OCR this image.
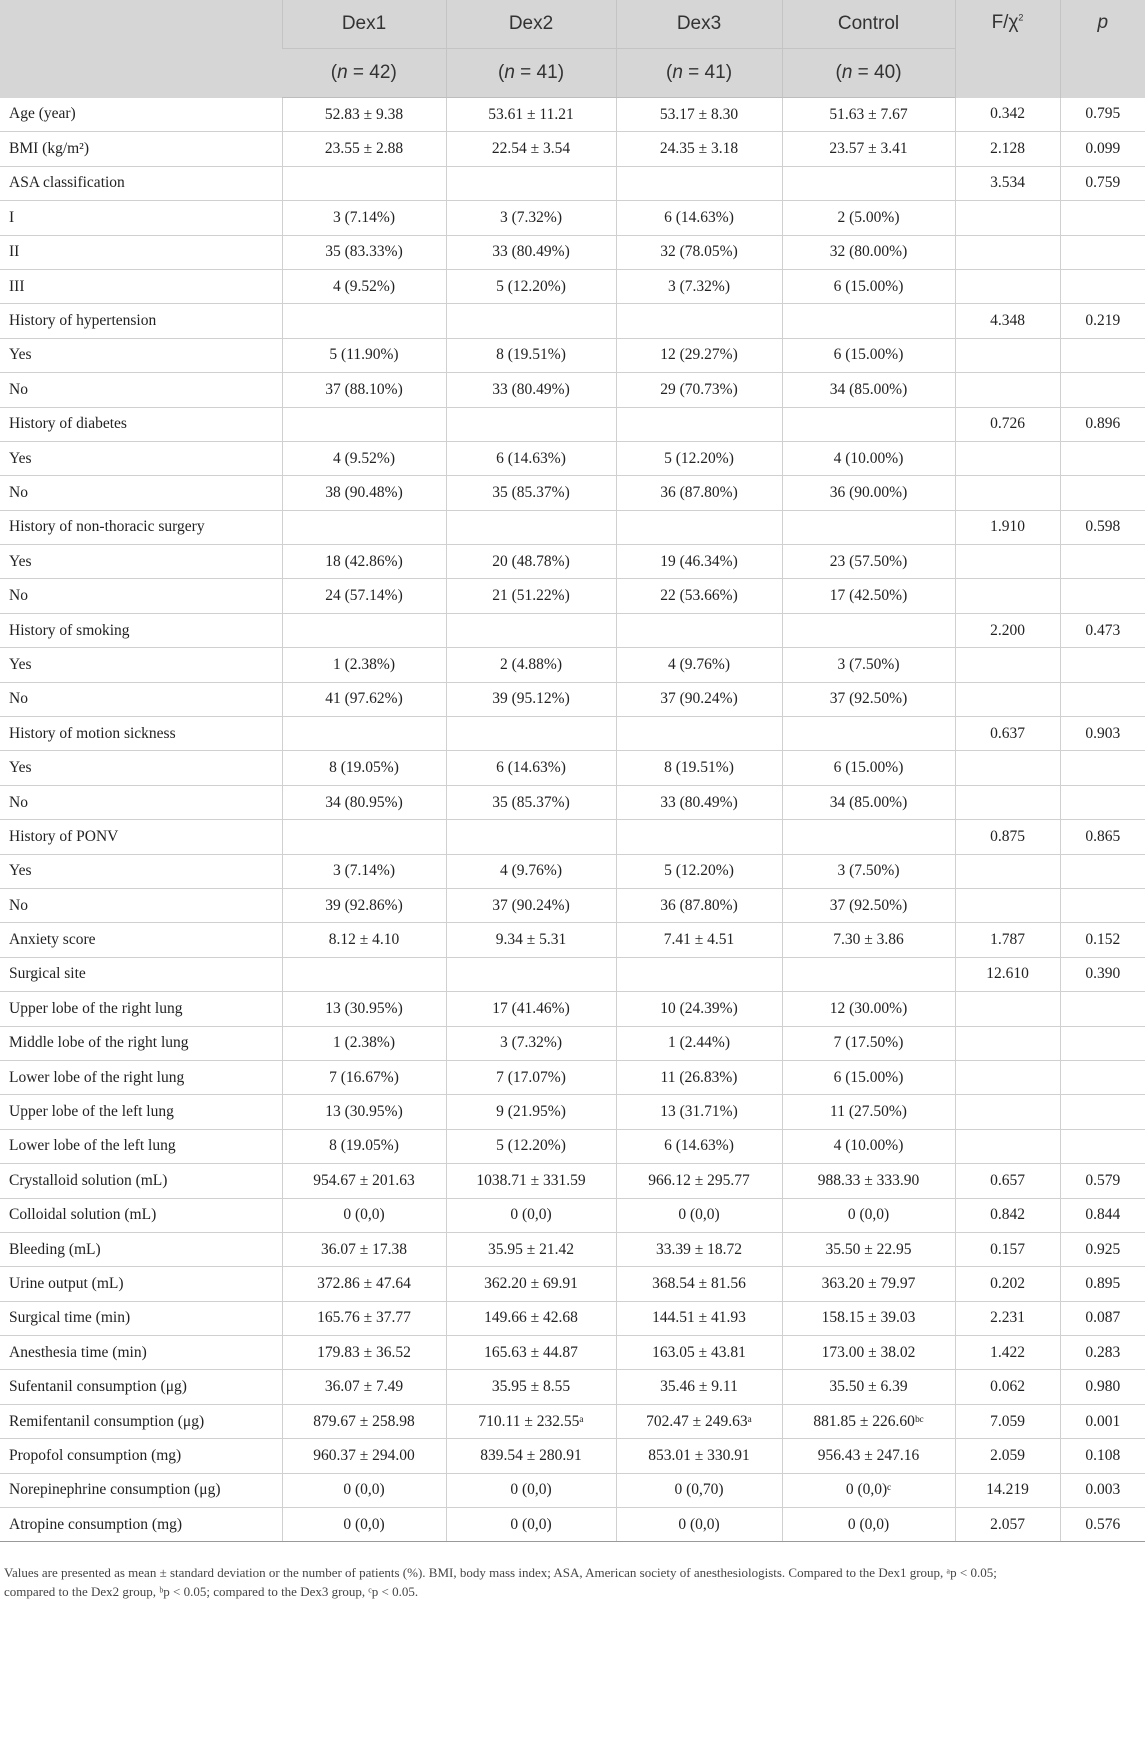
	Dex1	Dex2	Dex3	Control	$F/\chi^2$	p
	(n = 42)	(n = 41)	(n = 41)	(n = 40)		
Age (year)	52.83 ± 9.38	53.61 ± 11.21	53.17 ± 8.30	51.63 ± 7.67	0.342	0.795
BMI (kg/m²)	23.55 ± 2.88	22.54 ± 3.54	24.35 ± 3.18	23.57 ± 3.41	2.128	0.099
ASA classification					3.534	0.759
I	3 (7.14%)	3 (7.32%)	6 (14.63%)	2 (5.00%)		
II	35 (83.33%)	33 (80.49%)	32 (78.05%)	32 (80.00%)		
III	4 (9.52%)	5 (12.20%)	3 (7.32%)	6 (15.00%)		
History of hypertension					4.348	0.219
Yes	5 (11.90%)	8 (19.51%)	12 (29.27%)	6 (15.00%)		
No	37 (88.10%)	33 (80.49%)	29 (70.73%)	34 (85.00%)		
History of diabetes					0.726	0.896
Yes	4 (9.52%)	6 (14.63%)	5 (12.20%)	4 (10.00%)		
No	38 (90.48%)	35 (85.37%)	36 (87.80%)	36 (90.00%)		
History of non-thoracic surgery					1.910	0.598
Yes	18 (42.86%)	20 (48.78%)	19 (46.34%)	23 (57.50%)		
No	24 (57.14%)	21 (51.22%)	22 (53.66%)	17 (42.50%)		
History of smoking					2.200	0.473
Yes	1 (2.38%)	2 (4.88%)	4 (9.76%)	3 (7.50%)		
No	41 (97.62%)	39 (95.12%)	37 (90.24%)	37 (92.50%)		
History of motion sickness					0.637	0.903
Yes	8 (19.05%)	6 (14.63%)	8 (19.51%)	6 (15.00%)		
No	34 (80.95%)	35 (85.37%)	33 (80.49%)	34 (85.00%)		
History of PONV					0.875	0.865
Yes	3 (7.14%)	4 (9.76%)	5 (12.20%)	3 (7.50%)		
No	39 (92.86%)	37 (90.24%)	36 (87.80%)	37 (92.50%)		
Anxiety score	8.12 ± 4.10	9.34 ± 5.31	7.41 ± 4.51	7.30 ± 3.86	1.787	0.152
Surgical site					12.610	0.390
Upper lobe of the right lung	13 (30.95%)	17 (41.46%)	10 (24.39%)	12 (30.00%)		
Middle lobe of the right lung	1 (2.38%)	3 (7.32%)	1 (2.44%)	7 (17.50%)		
Lower lobe of the right lung	7 (16.67%)	7 (17.07%)	11 (26.83%)	6 (15.00%)		
Upper lobe of the left lung	13 (30.95%)	9 (21.95%)	13 (31.71%)	11 (27.50%)		
Lower lobe of the left lung	8 (19.05%)	5 (12.20%)	6 (14.63%)	4 (10.00%)		
Crystalloid solution (mL)	954.67 ± 201.63	1038.71 ± 331.59	966.12 ± 295.77	988.33 ± 333.90	0.657	0.579
Colloidal solution (mL)	0 (0,0)	0 (0,0)	0 (0,0)	0 (0,0)	0.842	0.844
Bleeding (mL)	36.07 ± 17.38	35.95 ± 21.42	33.39 ± 18.72	35.50 ± 22.95	0.157	0.925
Urine output (mL)	372.86 ± 47.64	362.20 ± 69.91	368.54 ± 81.56	363.20 ± 79.97	0.202	0.895
Surgical time (min)	165.76 ± 37.77	149.66 ± 42.68	144.51 ± 41.93	158.15 ± 39.03	2.231	0.087
Anesthesia time (min)	179.83 ± 36.52	165.63 ± 44.87	163.05 ± 43.81	173.00 ± 38.02	1.422	0.283
Sufentanil consumption (μg)	36.07 ± 7.49	35.95 ± 8.55	35.46 ± 9.11	35.50 ± 6.39	0.062	0.980
Remifentanil consumption (μg)	879.67 ± 258.98	710.11 ± 232.55ᵃ	702.47 ± 249.63ᵃ	881.85 ± 226.60ᵇᶜ	7.059	0.001
Propofol consumption (mg)	960.37 ± 294.00	839.54 ± 280.91	853.01 ± 330.91	956.43 ± 247.16	2.059	0.108
Norepinephrine consumption (μg)	0 (0,0)	0 (0,0)	0 (0,70)	0 (0,0)ᶜ	14.219	0.003
Atropine consumption (mg)	0 (0,0)	0 (0,0)	0 (0,0)	0 (0,0)	2.057	0.576
Values are presented as mean ± standard deviation or the number of patients (%). BMI, body mass index; ASA, American society of anesthesiologists. Compared to the Dex1 group, ᵃp < 0.05;
compared to the Dex2 group, ᵇp < 0.05; compared to the Dex3 group, ᶜp < 0.05.
